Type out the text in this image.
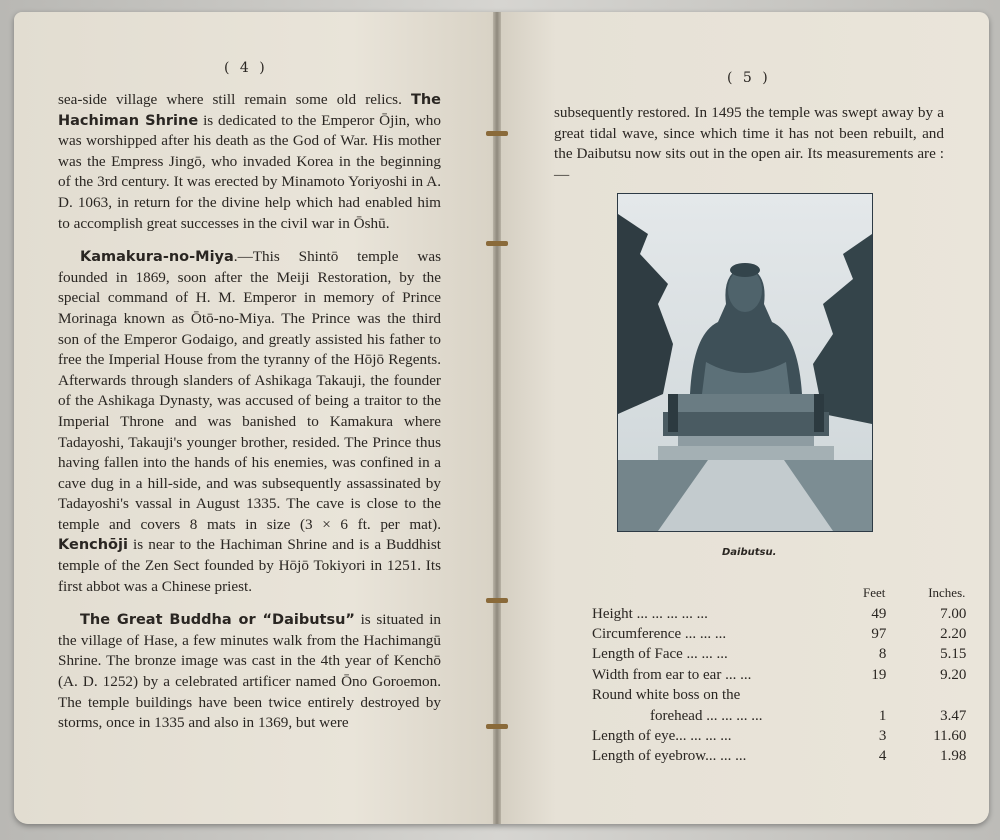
( 4 )

sea-side village where still remain some old relics. The Hachiman Shrine is dedicated to the Emperor Ōjin, who was worshipped after his death as the God of War. His mother was the Empress Jingō, who invaded Korea in the beginning of the 3rd century. It was erected by Minamoto Yoriyoshi in A. D. 1063, in return for the divine help which had enabled him to accomplish great successes in the civil war in Ōshū.

Kamakura-no-Miya.—This Shintō temple was founded in 1869, soon after the Meiji Restoration, by the special command of H. M. Emperor in memory of Prince Morinaga known as Ōtō-no-Miya. The Prince was the third son of the Emperor Godaigo, and greatly assisted his father to free the Imperial House from the tyranny of the Hōjō Regents. Afterwards through slanders of Ashikaga Takauji, the founder of the Ashikaga Dynasty, was accused of being a traitor to the Imperial Throne and was banished to Kamakura where Tadayoshi, Takauji's younger brother, resided. The Prince thus having fallen into the hands of his enemies, was confined in a cave dug in a hill-side, and was subsequently assassinated by Tadayoshi's vassal in August 1335. The cave is close to the temple and covers 8 mats in size (3 × 6 ft. per mat). Kenchōji is near to the Hachiman Shrine and is a Buddhist temple of the Zen Sect founded by Hōjō Tokiyori in 1251. Its first abbot was a Chinese priest.

The Great Buddha or “Daibutsu” is situated in the village of Hase, a few minutes walk from the Hachimangū Shrine. The bronze image was cast in the 4th year of Kenchō (A. D. 1252) by a celebrated artificer named Ōno Goroemon. The temple buildings have been twice entirely destroyed by storms, once in 1335 and also in 1369, but were

( 5 )
subsequently restored. In 1495 the temple was swept away by a great tidal wave, since which time it has not been rebuilt, and the Daibutsu now sits out in the open air. Its measurements are :—
Daibutsu.
	Feet	Inches.
Height ... ... ... ... ...	49	7.00
Circumference ... ... ...	97	2.20
Length of Face ... ... ...	8	5.15
Width from ear to ear ... ...	19	9.20
Round white boss on the		
forehead ... ... ... ...	1	3.47
Length of eye... ... ... ...	3	11.60
Length of eyebrow... ... ...	4	1.98
